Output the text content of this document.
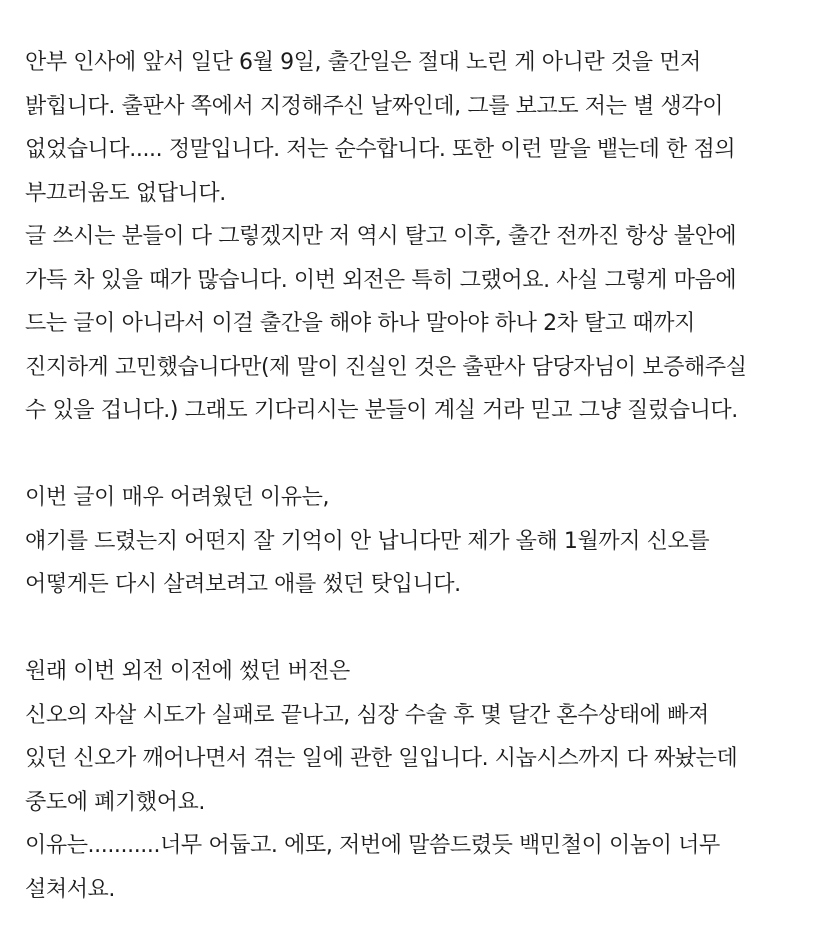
안부 인사에 앞서 일단 6월 9일, 출간일은 절대 노린 게 아니란 것을 먼저
밝힙니다. 출판사 쪽에서 지정해주신 날짜인데, 그를 보고도 저는 별 생각이
없었습니다..... 정말입니다. 저는 순수합니다. 또한 이런 말을 뱉는데 한 점의
부끄러움도 없답니다.
글 쓰시는 분들이 다 그렇겠지만 저 역시 탈고 이후, 출간 전까진 항상 불안에
가득 차 있을 때가 많습니다. 이번 외전은 특히 그랬어요. 사실 그렇게 마음에
드는 글이 아니라서 이걸 출간을 해야 하나 말아야 하나 2차 탈고 때까지
진지하게 고민했습니다만(제 말이 진실인 것은 출판사 담당자님이 보증해주실
수 있을 겁니다.) 그래도 기다리시는 분들이 계실 거라 믿고 그냥 질렀습니다.
이번 글이 매우 어려웠던 이유는,
얘기를 드렸는지 어떤지 잘 기억이 안 납니다만 제가 올해 1월까지 신오를
어떻게든 다시 살려보려고 애를 썼던 탓입니다.
원래 이번 외전 이전에 썼던 버전은
신오의 자살 시도가 실패로 끝나고, 심장 수술 후 몇 달간 혼수상태에 빠져
있던 신오가 깨어나면서 겪는 일에 관한 일입니다. 시놉시스까지 다 짜놨는데
중도에 폐기했어요.
이유는...........너무 어둡고. 에또, 저번에 말씀드렸듯 백민철이 이놈이 너무
설쳐서요.
